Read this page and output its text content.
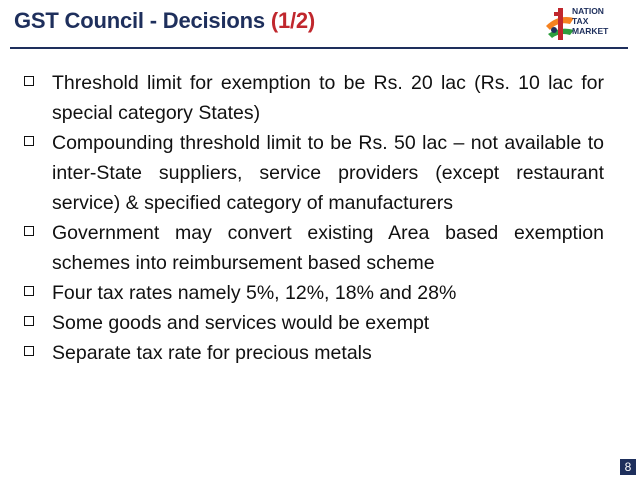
GST Council - Decisions (1/2)	NATION
TAX
MARKET
Threshold limit for exemption to be Rs. 20 lac (Rs. 10 lac for special category States)
Compounding threshold limit to be Rs. 50 lac – not available to inter-State suppliers, service providers (except restaurant service) & specified category of manufacturers
Government may convert existing Area based exemption schemes into reimbursement based scheme
Four tax rates namely 5%, 12%, 18% and 28%
Some goods and services would be exempt
Separate tax rate for precious metals
8
